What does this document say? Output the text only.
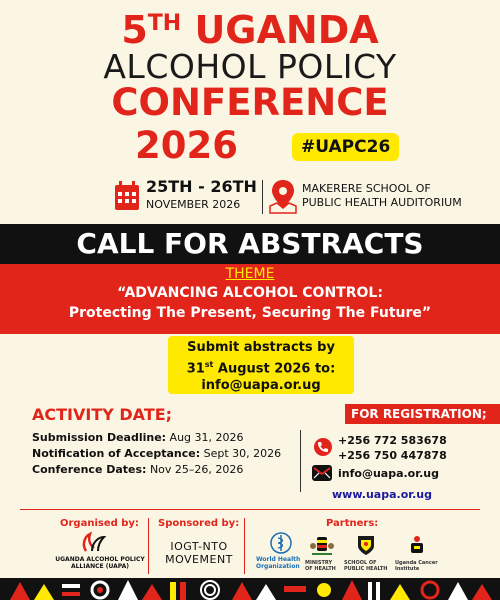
5TH UGANDA
ALCOHOL POLICY
CONFERENCE
2026	#UAPC26
25TH - 26TH
NOVEMBER 2026
MAKERERE SCHOOL OF
PUBLIC HEALTH AUDITORIUM
CALL FOR ABSTRACTS
THEME
“ADVANCING ALCOHOL CONTROL:
Protecting The Present, Securing The Future”
Submit abstracts by
31st August 2026 to:
info@uapa.or.ug
ACTIVITY DATE;
Submission Deadline: Aug 31, 2026
Notification of Acceptance: Sept 30, 2026
Conference Dates: Nov 25–26, 2026
FOR REGISTRATION;
+256 772 583678
+256 750 447878
info@uapa.or.ug
www.uapa.or.ug
Organised by: Sponsored by:	Partners:
UGANDA ALCOHOL POLICY ALLIANCE (UAPA)
IOGT-NTO MOVEMENT	World Health Organization	MINISTRY OF HEALTH
SCHOOL OF PUBLIC HEALTH
Uganda Cancer Institute
